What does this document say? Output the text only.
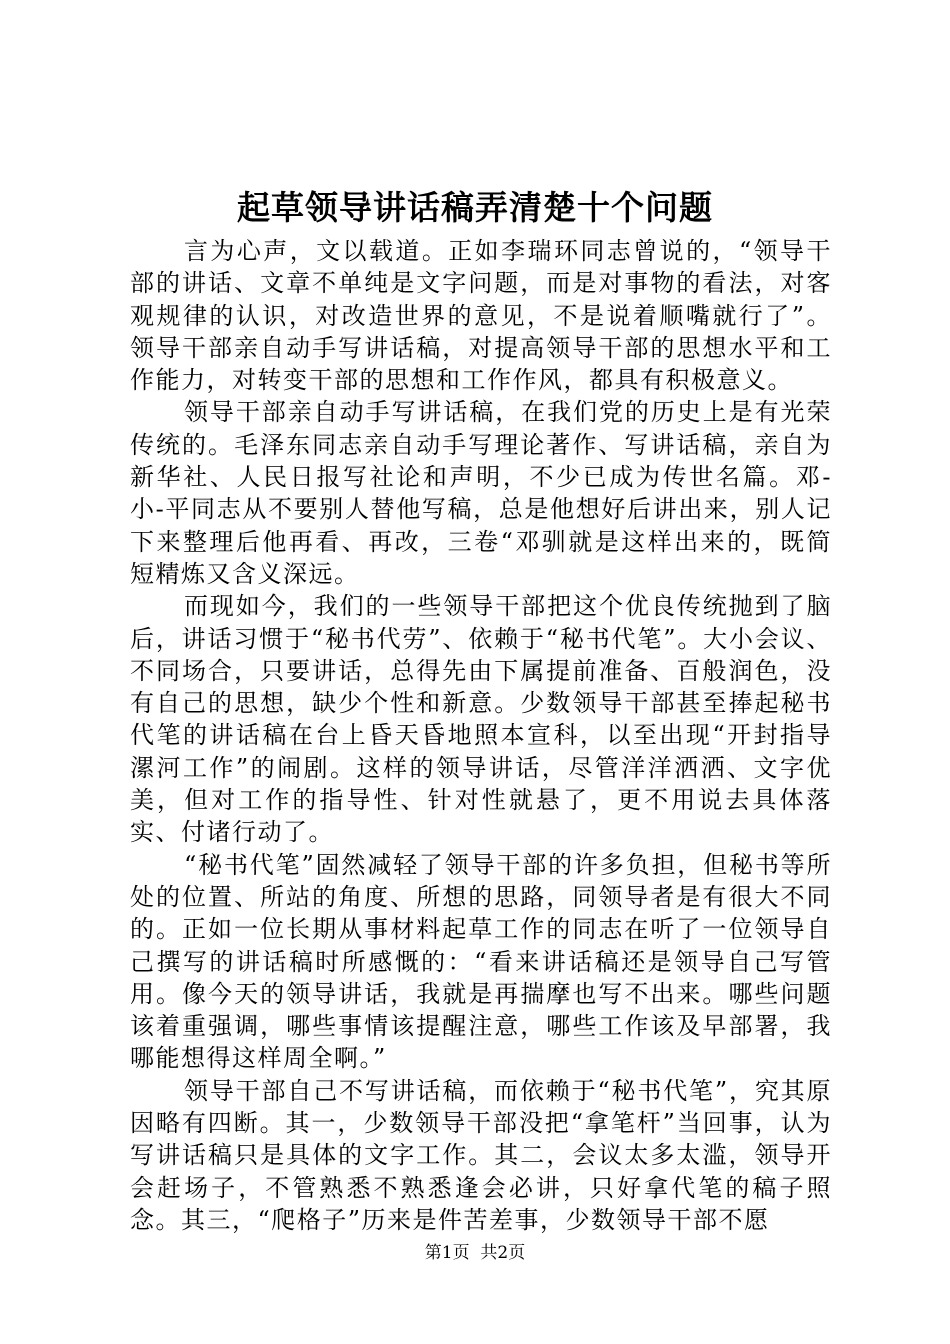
起草领导讲话稿弄清楚十个问题

言为心声，文以载道。正如李瑞环同志曾说的，“领导干部的讲话、文章不单纯是文字问题，而是对事物的看法，对客观规律的认识，对改造世界的意见，不是说着顺嘴就行了”。领导干部亲自动手写讲话稿，对提高领导干部的思想水平和工作能力，对转变干部的思想和工作作风，都具有积极意义。

领导干部亲自动手写讲话稿，在我们党的历史上是有光荣传统的。毛泽东同志亲自动手写理论著作、写讲话稿，亲自为新华社、人民日报写社论和声明，不少已成为传世名篇。邓-小-平同志从不要别人替他写稿，总是他想好后讲出来，别人记下来整理后他再看、再改，三卷“邓驯就是这样出来的，既简短精炼又含义深远。

而现如今，我们的一些领导干部把这个优良传统抛到了脑后，讲话习惯于“秘书代劳”、依赖于“秘书代笔”。大小会议、不同场合，只要讲话，总得先由下属提前准备、百般润色，没有自己的思想，缺少个性和新意。少数领导干部甚至捧起秘书代笔的讲话稿在台上昏天昏地照本宣科，以至出现“开封指导漯河工作”的闹剧。这样的领导讲话，尽管洋洋洒洒、文字优美，但对工作的指导性、针对性就悬了，更不用说去具体落实、付诸行动了。

“秘书代笔”固然减轻了领导干部的许多负担，但秘书等所处的位置、所站的角度、所想的思路，同领导者是有很大不同的。正如一位长期从事材料起草工作的同志在听了一位领导自己撰写的讲话稿时所感慨的：“看来讲话稿还是领导自己写管用。像今天的领导讲话，我就是再揣摩也写不出来。哪些问题该着重强调，哪些事情该提醒注意，哪些工作该及早部署，我哪能想得这样周全啊。”

领导干部自己不写讲话稿，而依赖于“秘书代笔”，究其原因略有四断。其一，少数领导干部没把“拿笔杆”当回事，认为写讲话稿只是具体的文字工作。其二，会议太多太滥，领导开会赶场子，不管熟悉不熟悉逢会必讲，只好拿代笔的稿子照念。其三，“爬格子”历来是件苦差事，少数领导干部不愿

第1页  共2页
